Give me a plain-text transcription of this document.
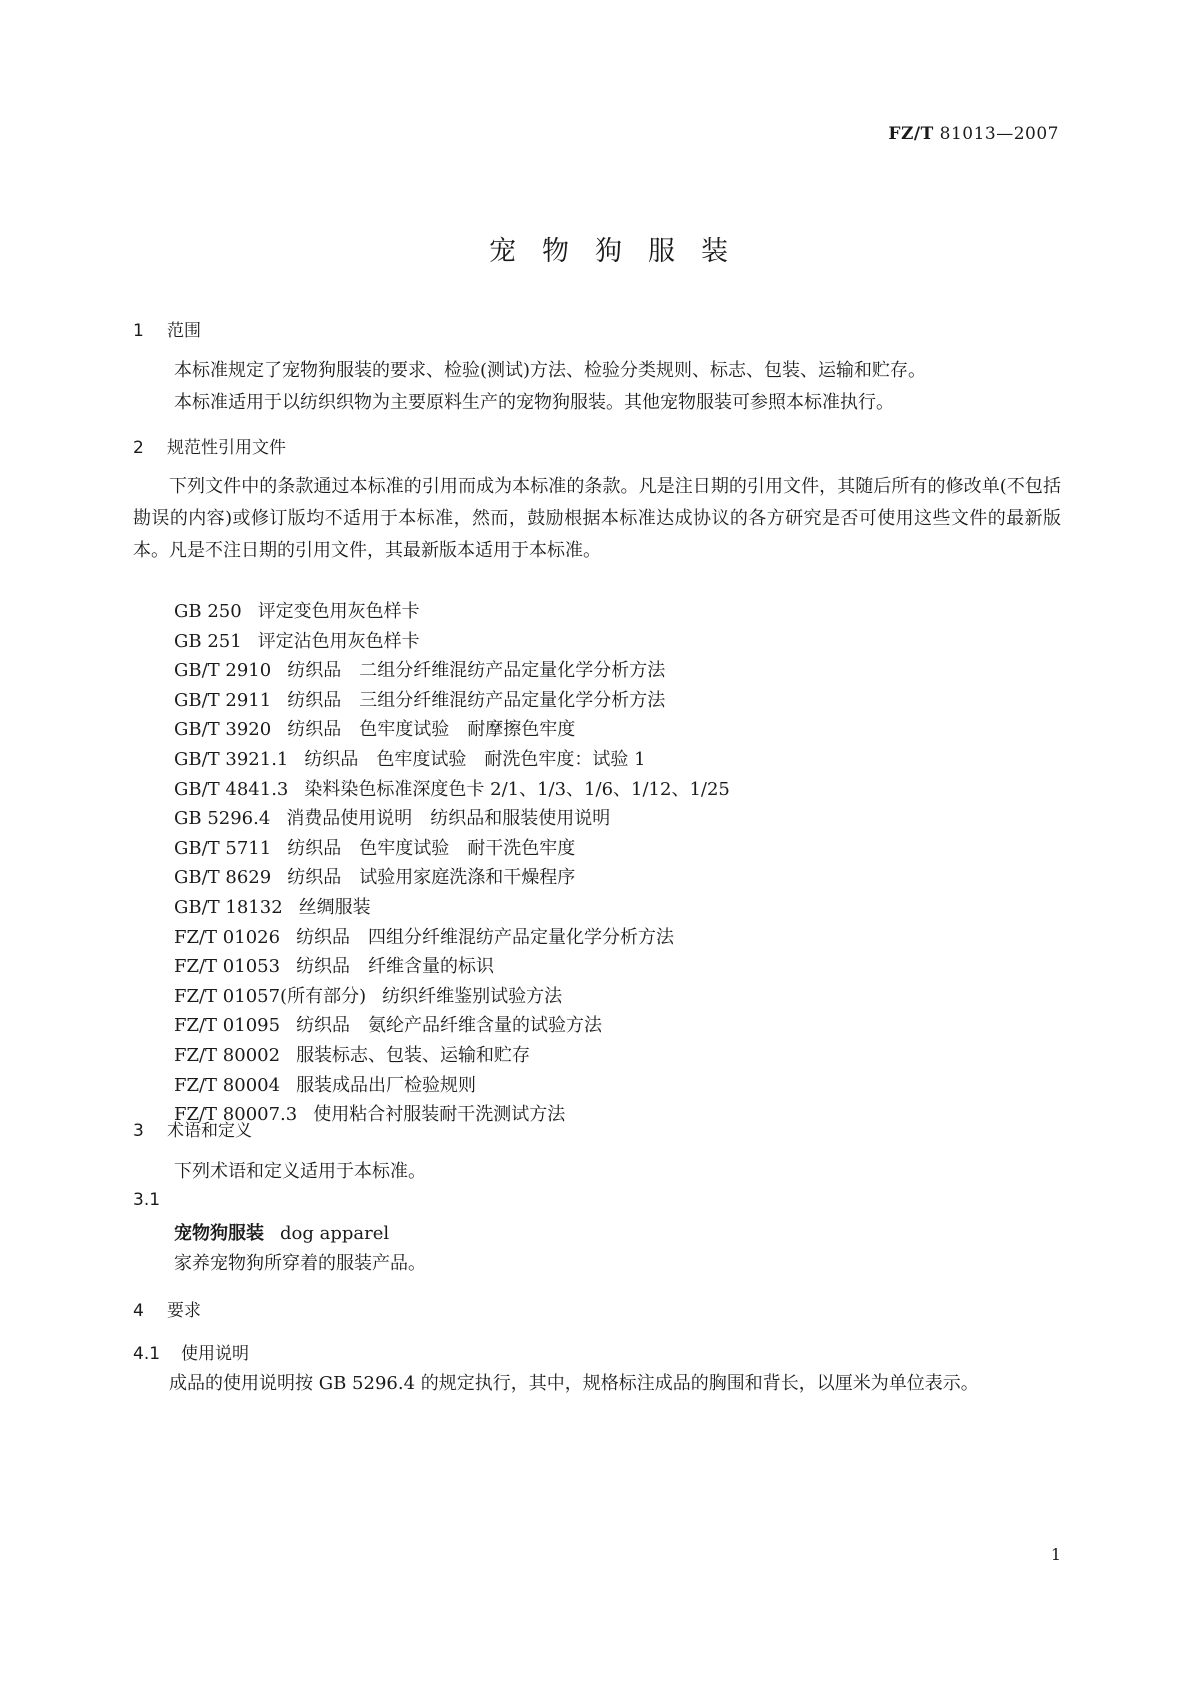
FZ/T 81013—2007
宠物狗服装
1 范围
本标准规定了宠物狗服装的要求、检验(测试)方法、检验分类规则、标志、包装、运输和贮存。
本标准适用于以纺织织物为主要原料生产的宠物狗服装。其他宠物服装可参照本标准执行。
2 规范性引用文件
下列文件中的条款通过本标准的引用而成为本标准的条款。凡是注日期的引用文件，其随后所有的修改单(不包括勘误的内容)或修订版均不适用于本标准，然而，鼓励根据本标准达成协议的各方研究是否可使用这些文件的最新版本。凡是不注日期的引用文件，其最新版本适用于本标准。
GB 250 评定变色用灰色样卡
GB 251 评定沾色用灰色样卡
GB/T 2910 纺织品　二组分纤维混纺产品定量化学分析方法
GB/T 2911 纺织品　三组分纤维混纺产品定量化学分析方法
GB/T 3920 纺织品　色牢度试验　耐摩擦色牢度
GB/T 3921.1 纺织品　色牢度试验　耐洗色牢度：试验 1
GB/T 4841.3 染料染色标准深度色卡 2/1、1/3、1/6、1/12、1/25
GB 5296.4 消费品使用说明　纺织品和服装使用说明
GB/T 5711 纺织品　色牢度试验　耐干洗色牢度
GB/T 8629 纺织品　试验用家庭洗涤和干燥程序
GB/T 18132 丝绸服装
FZ/T 01026 纺织品　四组分纤维混纺产品定量化学分析方法
FZ/T 01053 纺织品　纤维含量的标识
FZ/T 01057(所有部分) 纺织纤维鉴别试验方法
FZ/T 01095 纺织品　氨纶产品纤维含量的试验方法
FZ/T 80002 服装标志、包装、运输和贮存
FZ/T 80004 服装成品出厂检验规则
FZ/T 80007.3 使用粘合衬服装耐干洗测试方法
3 术语和定义
下列术语和定义适用于本标准。
3.1
宠物狗服装 dog apparel
家养宠物狗所穿着的服装产品。
4 要求
4.1 使用说明
成品的使用说明按 GB 5296.4 的规定执行，其中，规格标注成品的胸围和背长，以厘米为单位表示。
1
